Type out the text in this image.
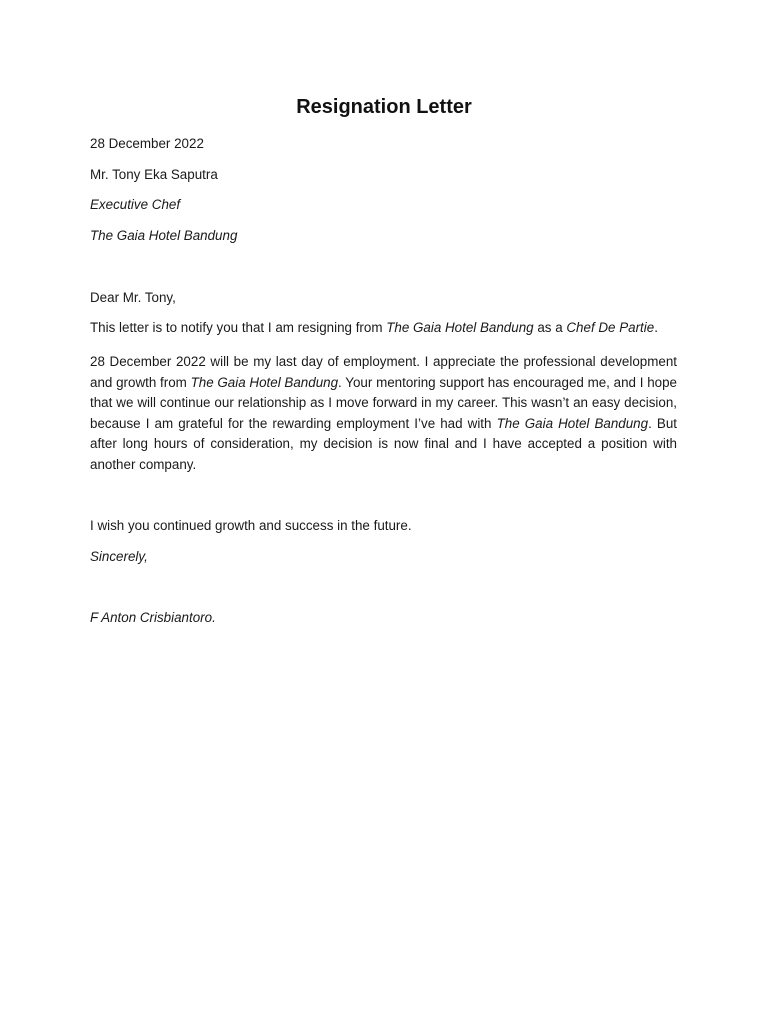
Resignation Letter
28 December 2022
Mr. Tony Eka Saputra
Executive Chef
The Gaia Hotel Bandung
Dear Mr. Tony,
This letter is to notify you that I am resigning from The Gaia Hotel Bandung as a Chef De Partie.
28 December 2022 will be my last day of employment. I appreciate the professional development and growth from The Gaia Hotel Bandung. Your mentoring support has encouraged me, and I hope that we will continue our relationship as I move forward in my career. This wasn’t an easy decision, because I am grateful for the rewarding employment I’ve had with The Gaia Hotel Bandung. But after long hours of consideration, my decision is now final and I have accepted a position with another company.
I wish you continued growth and success in the future.
Sincerely,
F Anton Crisbiantoro.
